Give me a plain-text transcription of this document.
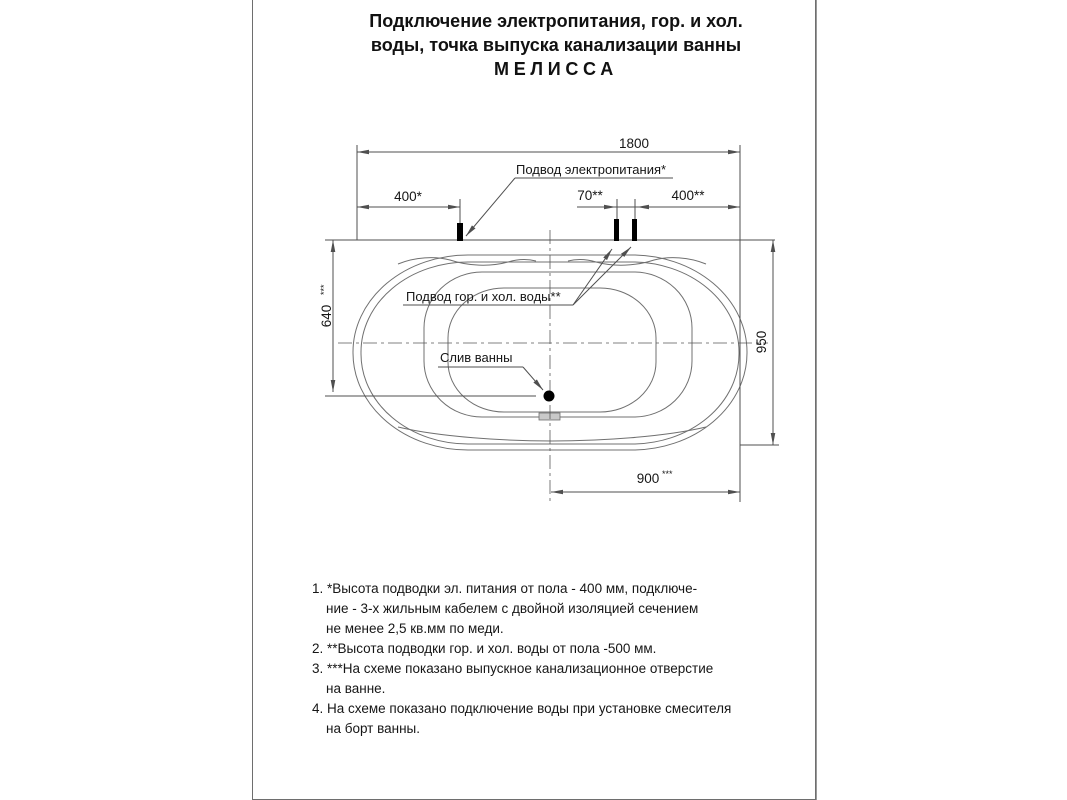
Подключение электропитания, гор. и хол.
воды, точка выпуска канализации ванны
МЕЛИССА
1800
400*	70**	400**
640
***
950
900 ***
Подвод электропитания*
Подвод гор. и хол. воды**
Слив ванны
1. *Высота подводки эл. питания от пола - 400 мм, подключе-
ние - 3-х жильным кабелем с двойной изоляцией сечением
не менее 2,5 кв.мм по меди.
2. **Высота подводки гор. и хол. воды от пола -500 мм.
3. ***На схеме показано выпускное канализационное отверстие
на ванне.
4. На схеме показано подключение воды при установке смесителя
на борт ванны.
